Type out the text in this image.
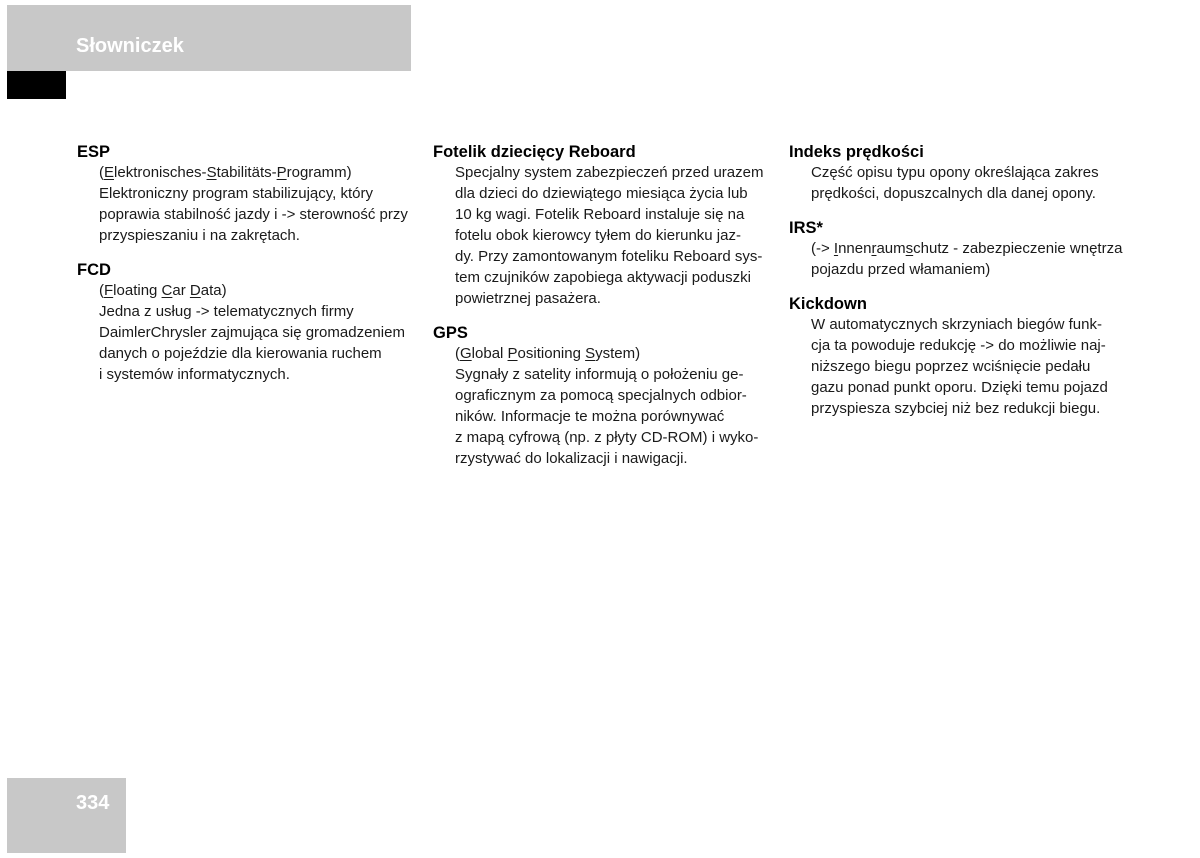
Słowniczek
ESP
(Elektronisches-Stabilitäts-Programm)
Elektroniczny program stabilizujący, który
poprawia stabilność jazdy i -> sterowność przy
przyspieszaniu i na zakrętach.
FCD
(Floating Car Data)
Jedna z usług -> telematycznych firmy
DaimlerChrysler zajmująca się gromadzeniem
danych o pojeździe dla kierowania ruchem
i systemów informatycznych.
Fotelik dziecięcy Reboard
Specjalny system zabezpieczeń przed urazem
dla dzieci do dziewiątego miesiąca życia lub
10 kg wagi. Fotelik Reboard instaluje się na
fotelu obok kierowcy tyłem do kierunku jaz-
dy. Przy zamontowanym foteliku Reboard sys-
tem czujników zapobiega aktywacji poduszki
powietrznej pasażera.
GPS
(Global Positioning System)
Sygnały z satelity informują o położeniu ge-
ograficznym za pomocą specjalnych odbior-
ników. Informacje te można porównywać
z mapą cyfrową (np. z płyty CD-ROM) i wyko-
rzystywać do lokalizacji i nawigacji.
Indeks prędkości
Część opisu typu opony określająca zakres
prędkości, dopuszcalnych dla danej opony.
IRS*
(-> Innenraumschutz - zabezpieczenie wnętrza
pojazdu przed włamaniem)
Kickdown
W automatycznych skrzyniach biegów funk-
cja ta powoduje redukcję -> do możliwie naj-
niższego biegu poprzez wciśnięcie pedału
gazu ponad punkt oporu. Dzięki temu pojazd
przyspiesza szybciej niż bez redukcji biegu.
334
